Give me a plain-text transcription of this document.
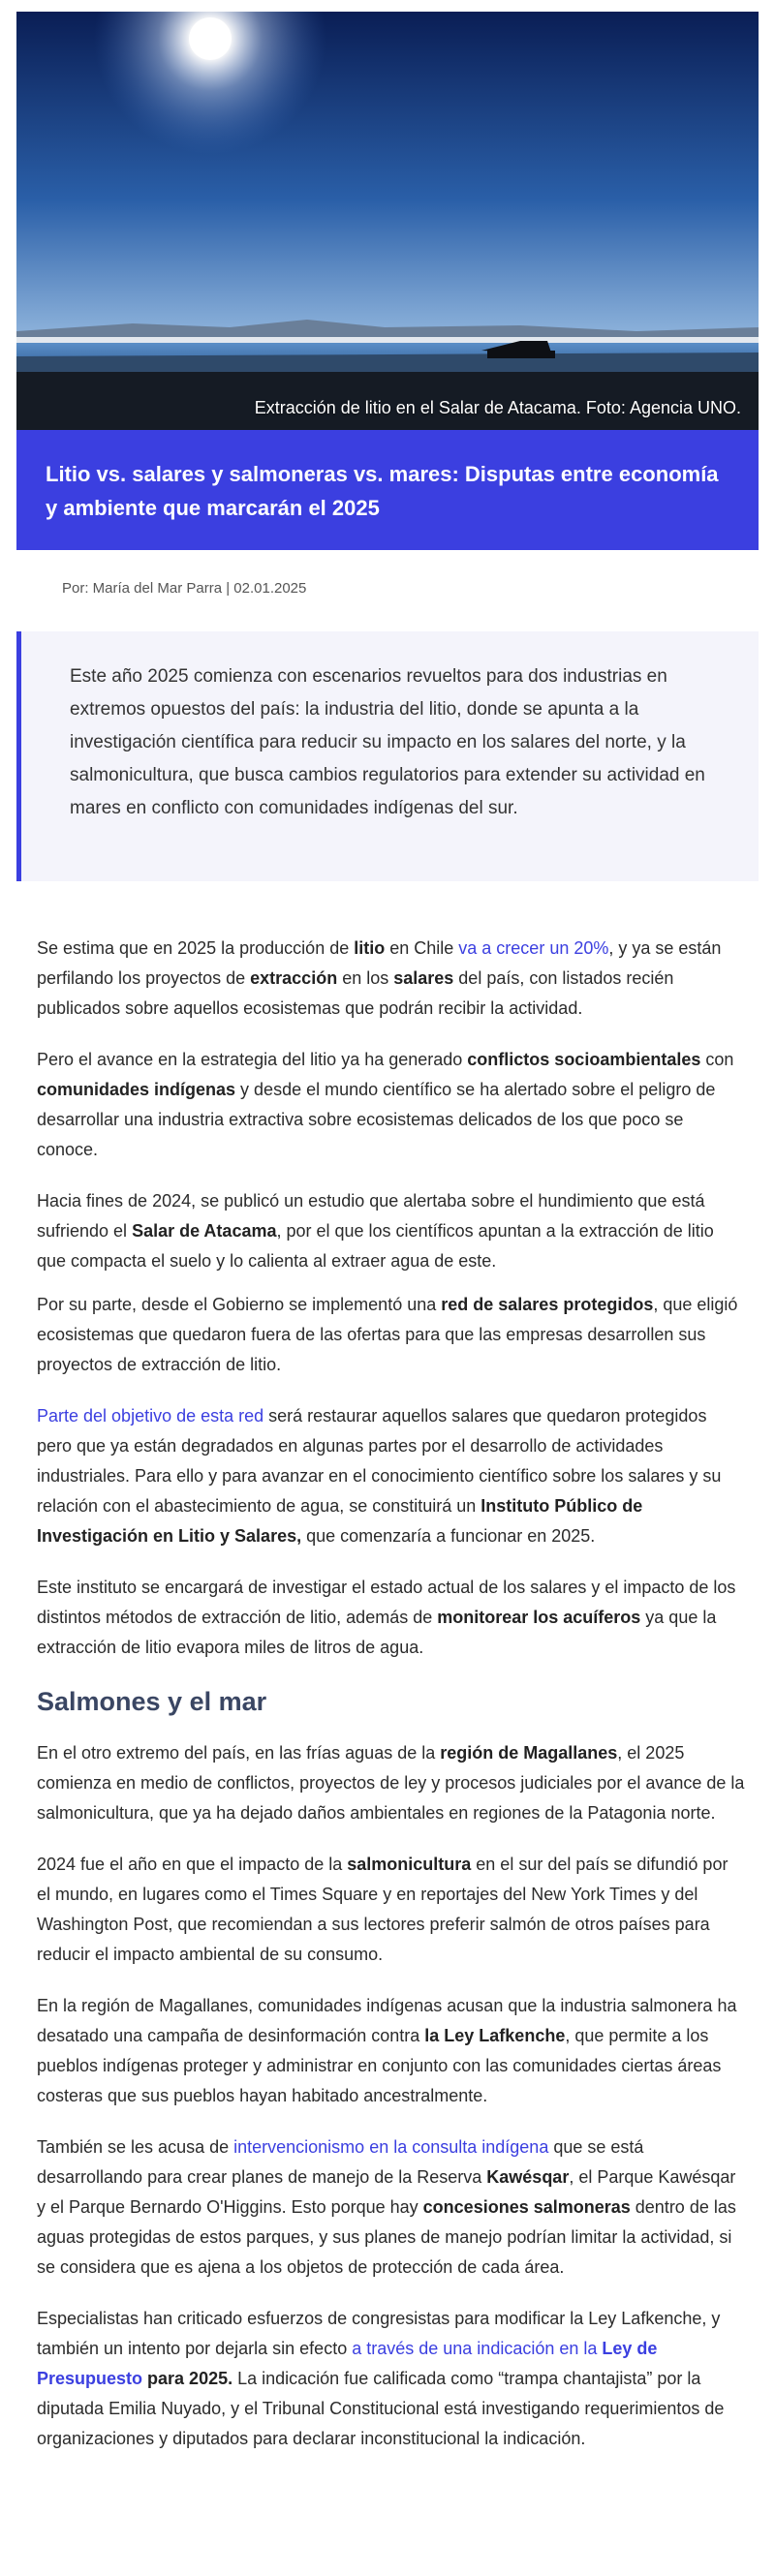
Extracción de litio en el Salar de Atacama. Foto: Agencia UNO.
Litio vs. salares y salmoneras vs. mares: Disputas entre economía y ambiente que marcarán el 2025
Por: María del Mar Parra | 02.01.2025

Este año 2025 comienza con escenarios revueltos para dos industrias en extremos opuestos del país: la industria del litio, donde se apunta a la investigación científica para reducir su impacto en los salares del norte, y la salmonicultura, que busca cambios regulatorios para extender su actividad en mares en conflicto con comunidades indígenas del sur.

Se estima que en 2025 la producción de litio en Chile va a crecer un 20%, y ya se están perfilando los proyectos de extracción en los salares del país, con listados recién publicados sobre aquellos ecosistemas que podrán recibir la actividad.

Pero el avance en la estrategia del litio ya ha generado conflictos socioambientales con comunidades indígenas y desde el mundo científico se ha alertado sobre el peligro de desarrollar una industria extractiva sobre ecosistemas delicados de los que poco se conoce.

Hacia fines de 2024, se publicó un estudio que alertaba sobre el hundimiento que está sufriendo el Salar de Atacama, por el que los científicos apuntan a la extracción de litio que compacta el suelo y lo calienta al extraer agua de este.

Por su parte, desde el Gobierno se implementó una red de salares protegidos, que eligió ecosistemas que quedaron fuera de las ofertas para que las empresas desarrollen sus proyectos de extracción de litio.

Parte del objetivo de esta red será restaurar aquellos salares que quedaron protegidos pero que ya están degradados en algunas partes por el desarrollo de actividades industriales. Para ello y para avanzar en el conocimiento científico sobre los salares y su relación con el abastecimiento de agua, se constituirá un Instituto Público de Investigación en Litio y Salares, que comenzaría a funcionar en 2025.

Este instituto se encargará de investigar el estado actual de los salares y el impacto de los distintos métodos de extracción de litio, además de monitorear los acuíferos ya que la extracción de litio evapora miles de litros de agua.

Salmones y el mar

En el otro extremo del país, en las frías aguas de la región de Magallanes, el 2025 comienza en medio de conflictos, proyectos de ley y procesos judiciales por el avance de la salmonicultura, que ya ha dejado daños ambientales en regiones de la Patagonia norte.

2024 fue el año en que el impacto de la salmonicultura en el sur del país se difundió por el mundo, en lugares como el Times Square y en reportajes del New York Times y del Washington Post, que recomiendan a sus lectores preferir salmón de otros países para reducir el impacto ambiental de su consumo.

En la región de Magallanes, comunidades indígenas acusan que la industria salmonera ha desatado una campaña de desinformación contra la Ley Lafkenche, que permite a los pueblos indígenas proteger y administrar en conjunto con las comunidades ciertas áreas costeras que sus pueblos hayan habitado ancestralmente.

También se les acusa de intervencionismo en la consulta indígena que se está desarrollando para crear planes de manejo de la Reserva Kawésqar, el Parque Kawésqar y el Parque Bernardo O'Higgins. Esto porque hay concesiones salmoneras dentro de las aguas protegidas de estos parques, y sus planes de manejo podrían limitar la actividad, si se considera que es ajena a los objetos de protección de cada área.

Especialistas han criticado esfuerzos de congresistas para modificar la Ley Lafkenche, y también un intento por dejarla sin efecto a través de una indicación en la Ley de Presupuesto para 2025. La indicación fue calificada como “trampa chantajista” por la diputada Emilia Nuyado, y el Tribunal Constitucional está investigando requerimientos de organizaciones y diputados para declarar inconstitucional la indicación.
